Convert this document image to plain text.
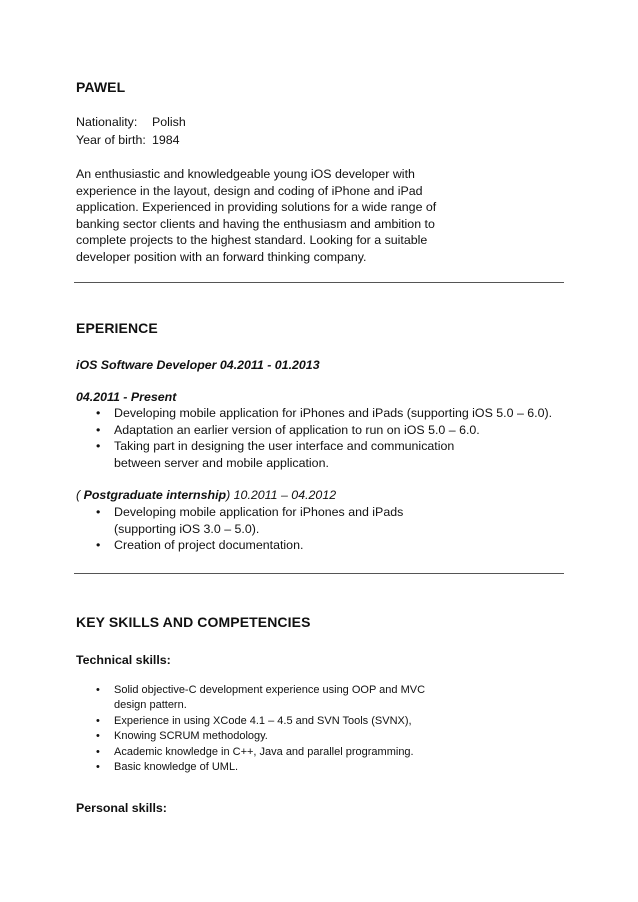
PAWEL
Nationality: Polish
Year of birth: 1984
An enthusiastic and knowledgeable young iOS developer with
experience in the layout, design and coding of iPhone and iPad
application. Experienced in providing solutions for a wide range of
banking sector clients and having the enthusiasm and ambition to
complete projects to the highest standard. Looking for a suitable
developer position with an forward thinking company.
EPERIENCE
iOS Software Developer 04.2011 - 01.2013
04.2011 - Present
• Developing mobile application for iPhones and iPads (supporting iOS 5.0 – 6.0).
• Adaptation an earlier version of application to run on iOS 5.0 – 6.0.
• Taking part in designing the user interface and communication
between server and mobile application.
( Postgraduate internship) 10.2011 – 04.2012
• Developing mobile application for iPhones and iPads
(supporting iOS 3.0 – 5.0).
• Creation of project documentation.
KEY SKILLS AND COMPETENCIES
Technical skills:
• Solid objective-C development experience using OOP and MVC
design pattern.
• Experience in using XCode 4.1 – 4.5 and SVN Tools (SVNX),
• Knowing SCRUM methodology.
• Academic knowledge in C++, Java and parallel programming.
• Basic knowledge of UML.
Personal skills:
